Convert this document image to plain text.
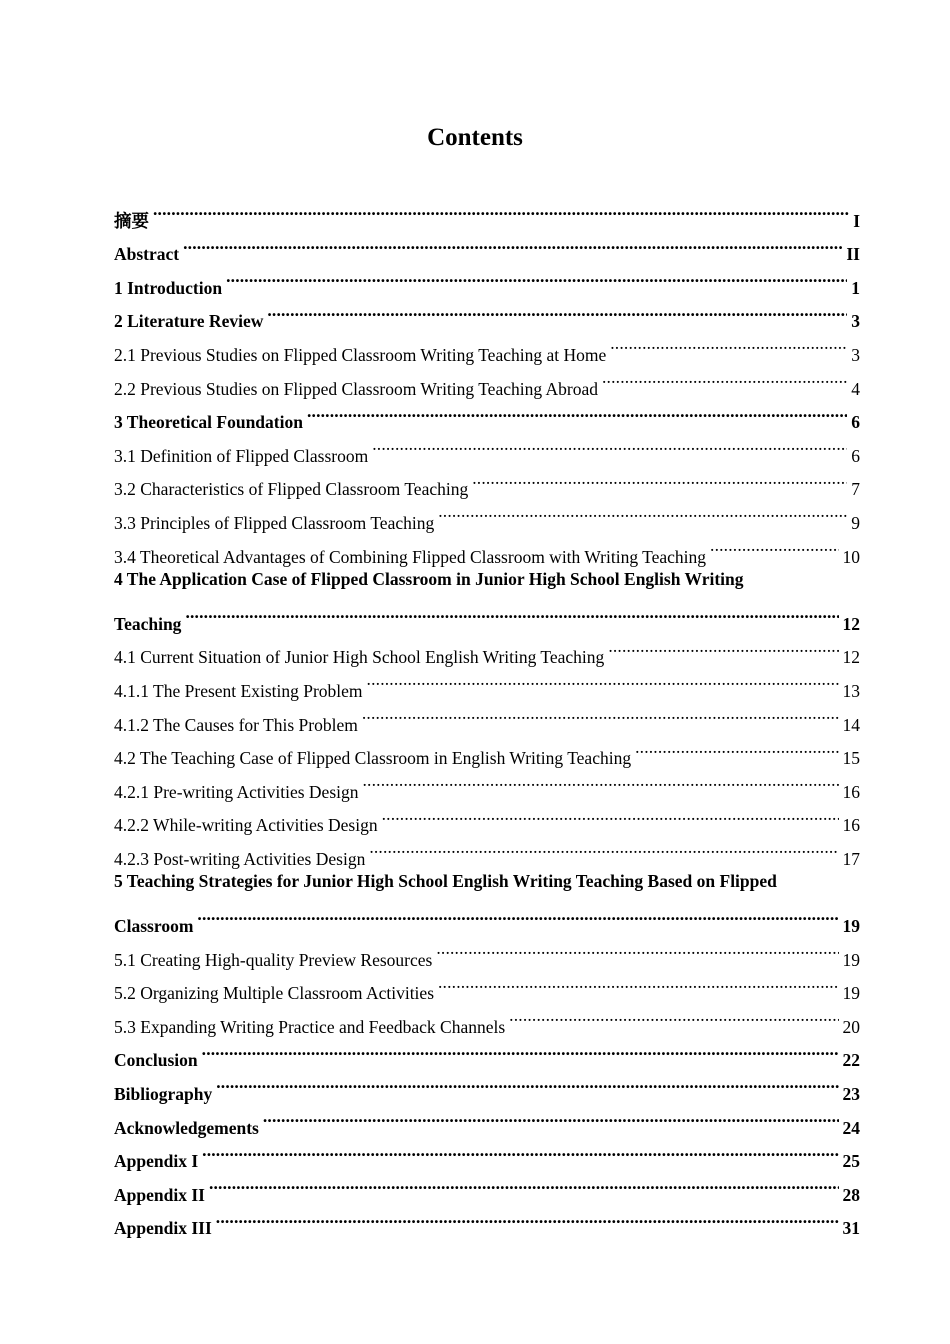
Contents
摘要 . . .	I
Abstract . . .	II
1 Introduction . . .	1
2 Literature Review . . .	3
2.1 Previous Studies on Flipped Classroom Writing Teaching at Home . . .	3
2.2 Previous Studies on Flipped Classroom Writing Teaching Abroad . . .	4
3 Theoretical Foundation . . .	6
3.1 Definition of Flipped Classroom . . .	6
3.2 Characteristics of Flipped Classroom Teaching . . .	7
3.3 Principles of Flipped Classroom Teaching . . .	9
3.4 Theoretical Advantages of Combining Flipped Classroom with Writing Teaching . . .	10
4 The Application Case of Flipped Classroom in Junior High School English Writing
Teaching . . .	12
4.1 Current Situation of Junior High School English Writing Teaching . . .	12
4.1.1 The Present Existing Problem . . .	13
4.1.2 The Causes for This Problem . . .	14
4.2 The Teaching Case of Flipped Classroom in English Writing Teaching . . .	15
4.2.1 Pre-writing Activities Design . . .	16
4.2.2 While-writing Activities Design . . .	16
4.2.3 Post-writing Activities Design . . .	17
5 Teaching Strategies for Junior High School English Writing Teaching Based on Flipped
Classroom . . .	19
5.1 Creating High-quality Preview Resources . . .	19
5.2 Organizing Multiple Classroom Activities . . .	19
5.3 Expanding Writing Practice and Feedback Channels . . .	20
Conclusion . . .	22
Bibliography . . .	23
Acknowledgements . . .	24
Appendix I . . .	25
Appendix II . . .	28
Appendix III . . .	31
